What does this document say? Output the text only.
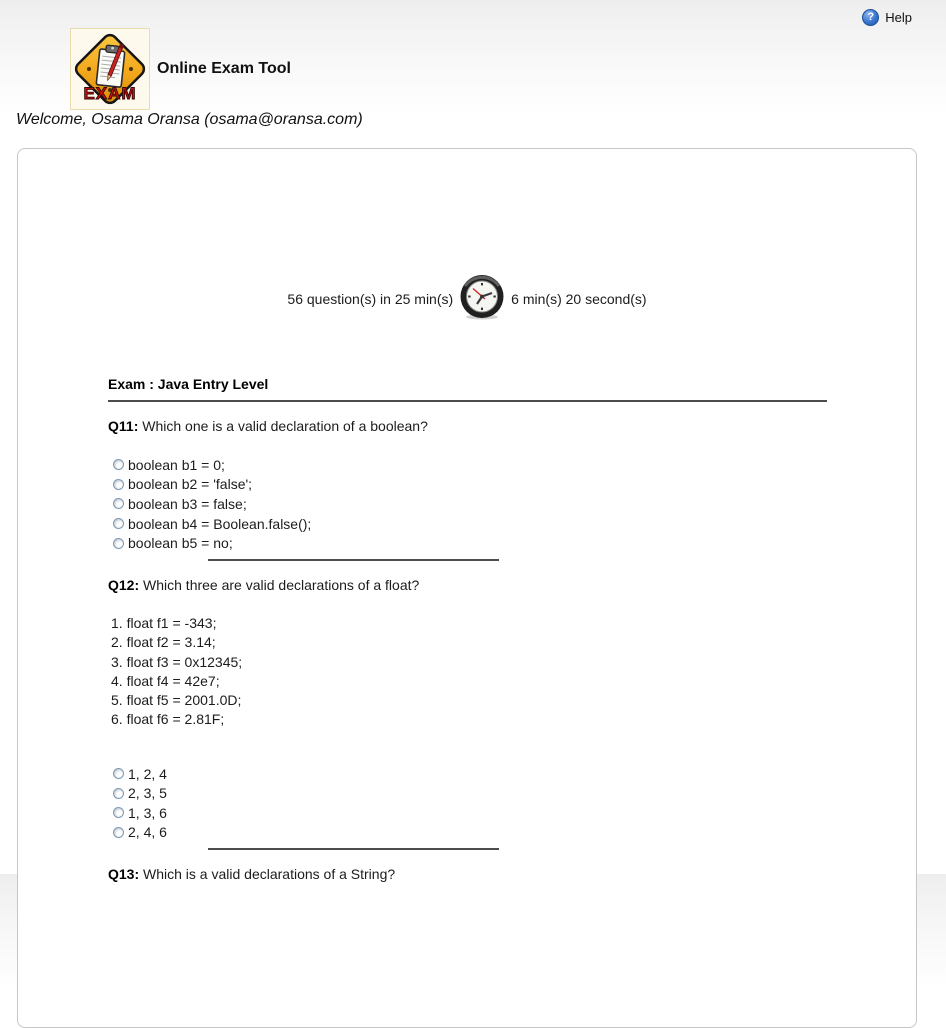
? Help
EXAM
Online Exam Tool
Welcome, Osama Oransa (osama@oransa.com)
56 question(s) in 25 min(s)	6 min(s) 20 second(s)
Exam : Java Entry Level

Q11: Which one is a valid declaration of a boolean?

boolean b1 = 0;
boolean b2 = 'false';
boolean b3 = false;
boolean b4 = Boolean.false();
boolean b5 = no;

Q12: Which three are valid declarations of a float?

1. float f1 = -343;
2. float f2 = 3.14;
3. float f3 = 0x12345;
4. float f4 = 42e7;
5. float f5 = 2001.0D;
6. float f6 = 2.81F;
1, 2, 4
2, 3, 5
1, 3, 6
2, 4, 6

Q13: Which is a valid declarations of a String?
